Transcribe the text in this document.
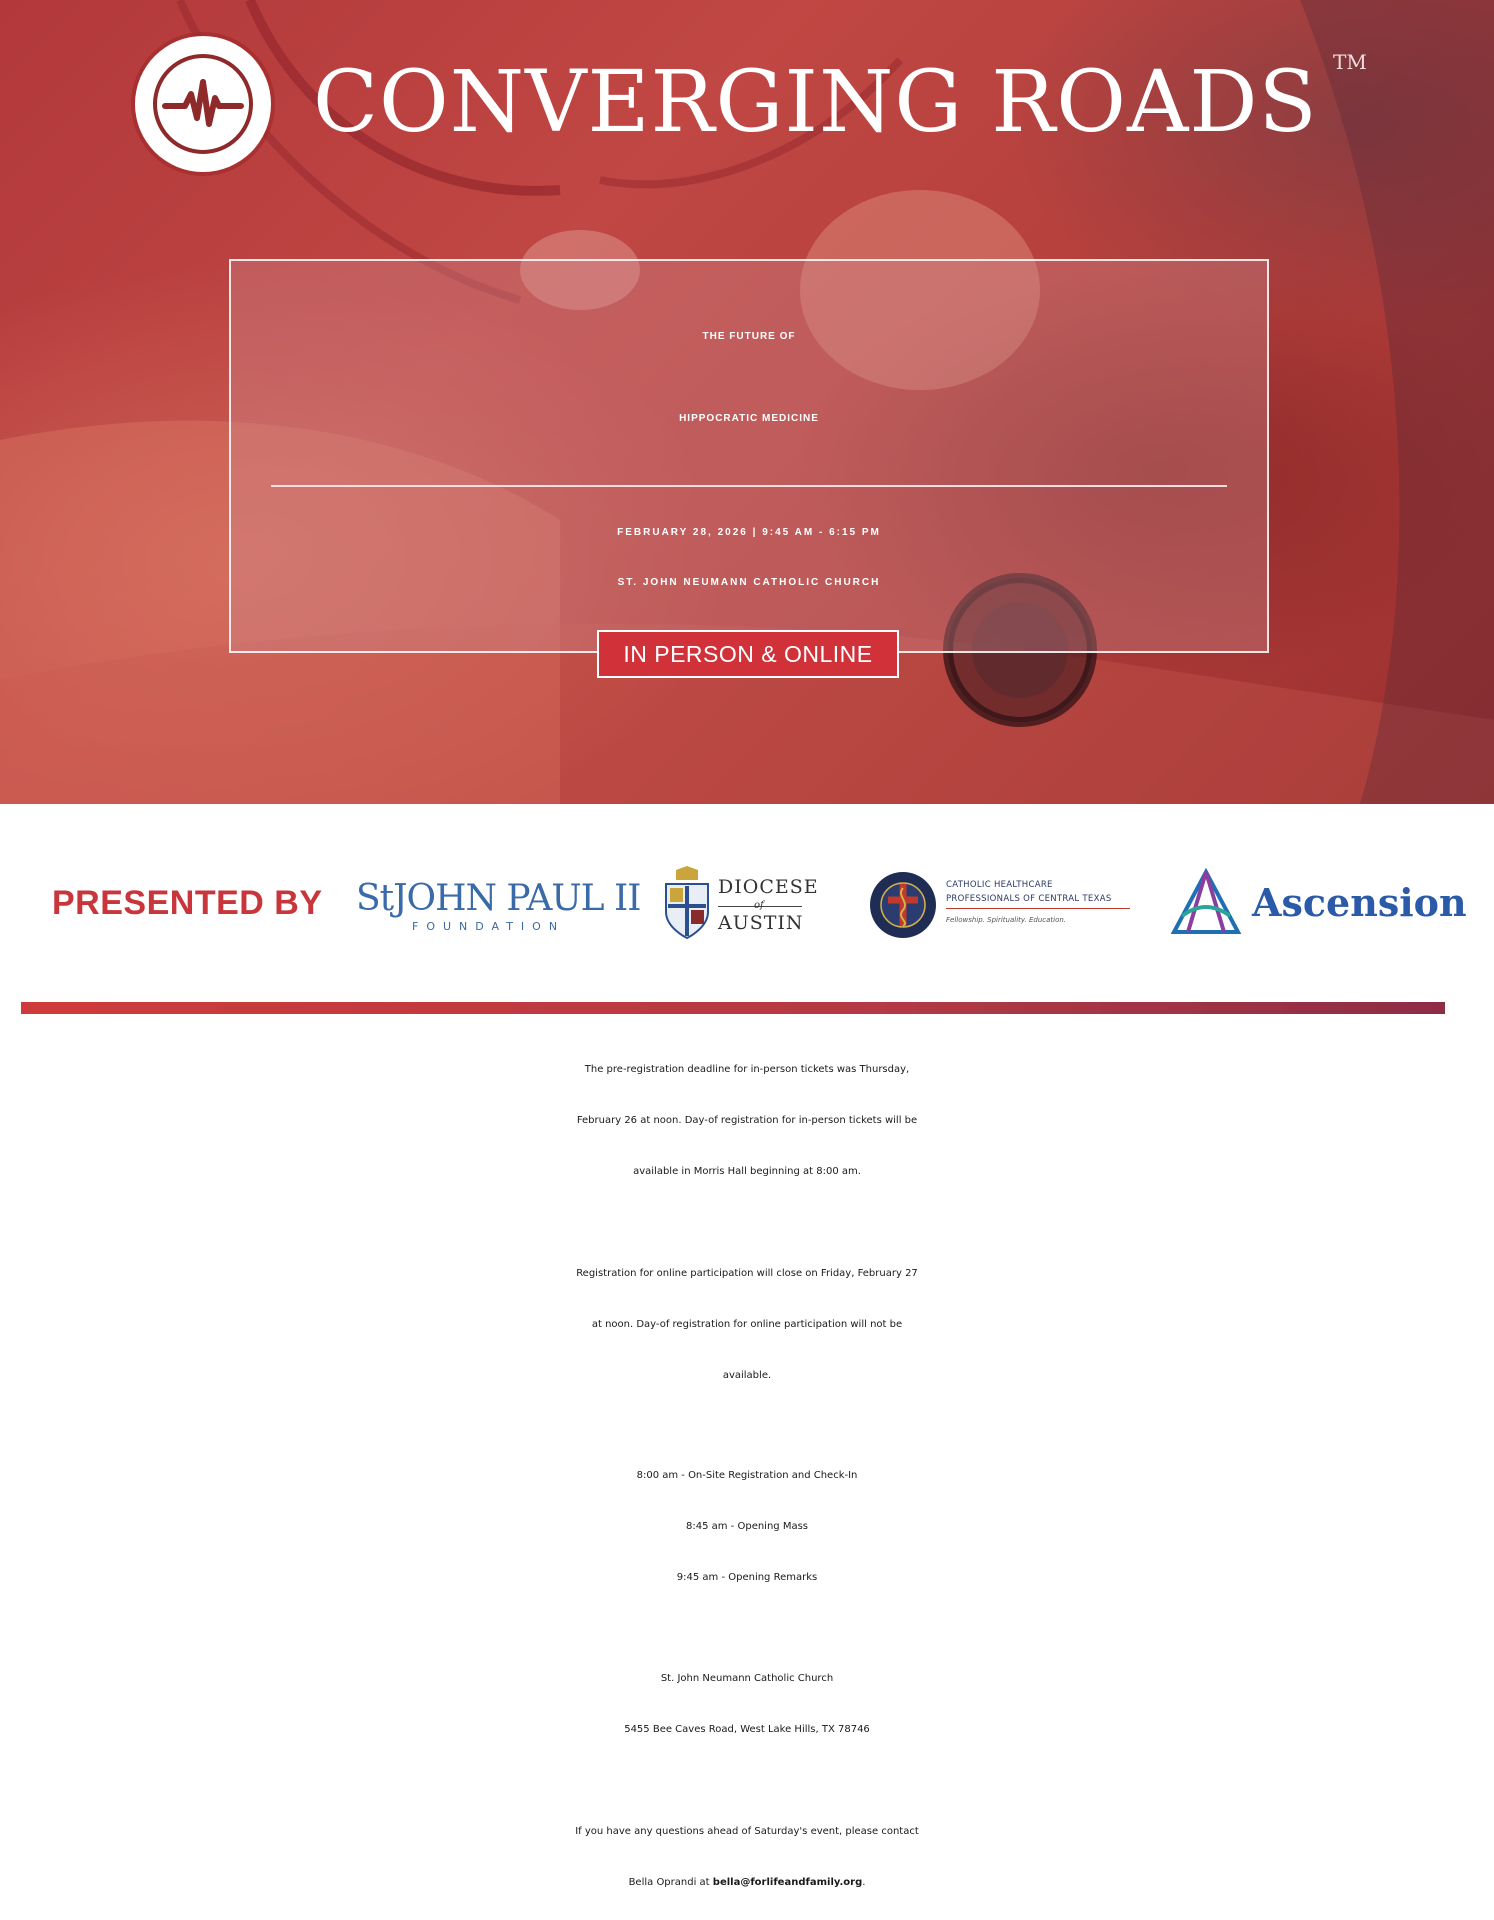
CONVERGING ROADS TM
THE FUTURE OF
HIPPOCRATIC MEDICINE
FEBRUARY 28, 2026 | 9:45 AM - 6:15 PM
ST. JOHN NEUMANN CATHOLIC CHURCH
IN PERSON & ONLINE
PRESENTED BY StJOHN PAUL II
FOUNDATION
DIOCESE
of
AUSTIN
CATHOLIC HEALTHCARE
PROFESSIONALS OF CENTRAL TEXAS
Fellowship. Spirituality. Education.	Ascension
The pre-registration deadline for in-person tickets was Thursday,
February 26 at noon. Day-of registration for in-person tickets will be
available in Morris Hall beginning at 8:00 am.
Registration for online participation will close on Friday, February 27
at noon. Day-of registration for online participation will not be
available.
8:00 am - On-Site Registration and Check-In
8:45 am - Opening Mass
9:45 am - Opening Remarks
St. John Neumann Catholic Church
5455 Bee Caves Road, West Lake Hills, TX 78746
If you have any questions ahead of Saturday's event, please contact
Bella Oprandi at bella@forlifeandfamily.org.
